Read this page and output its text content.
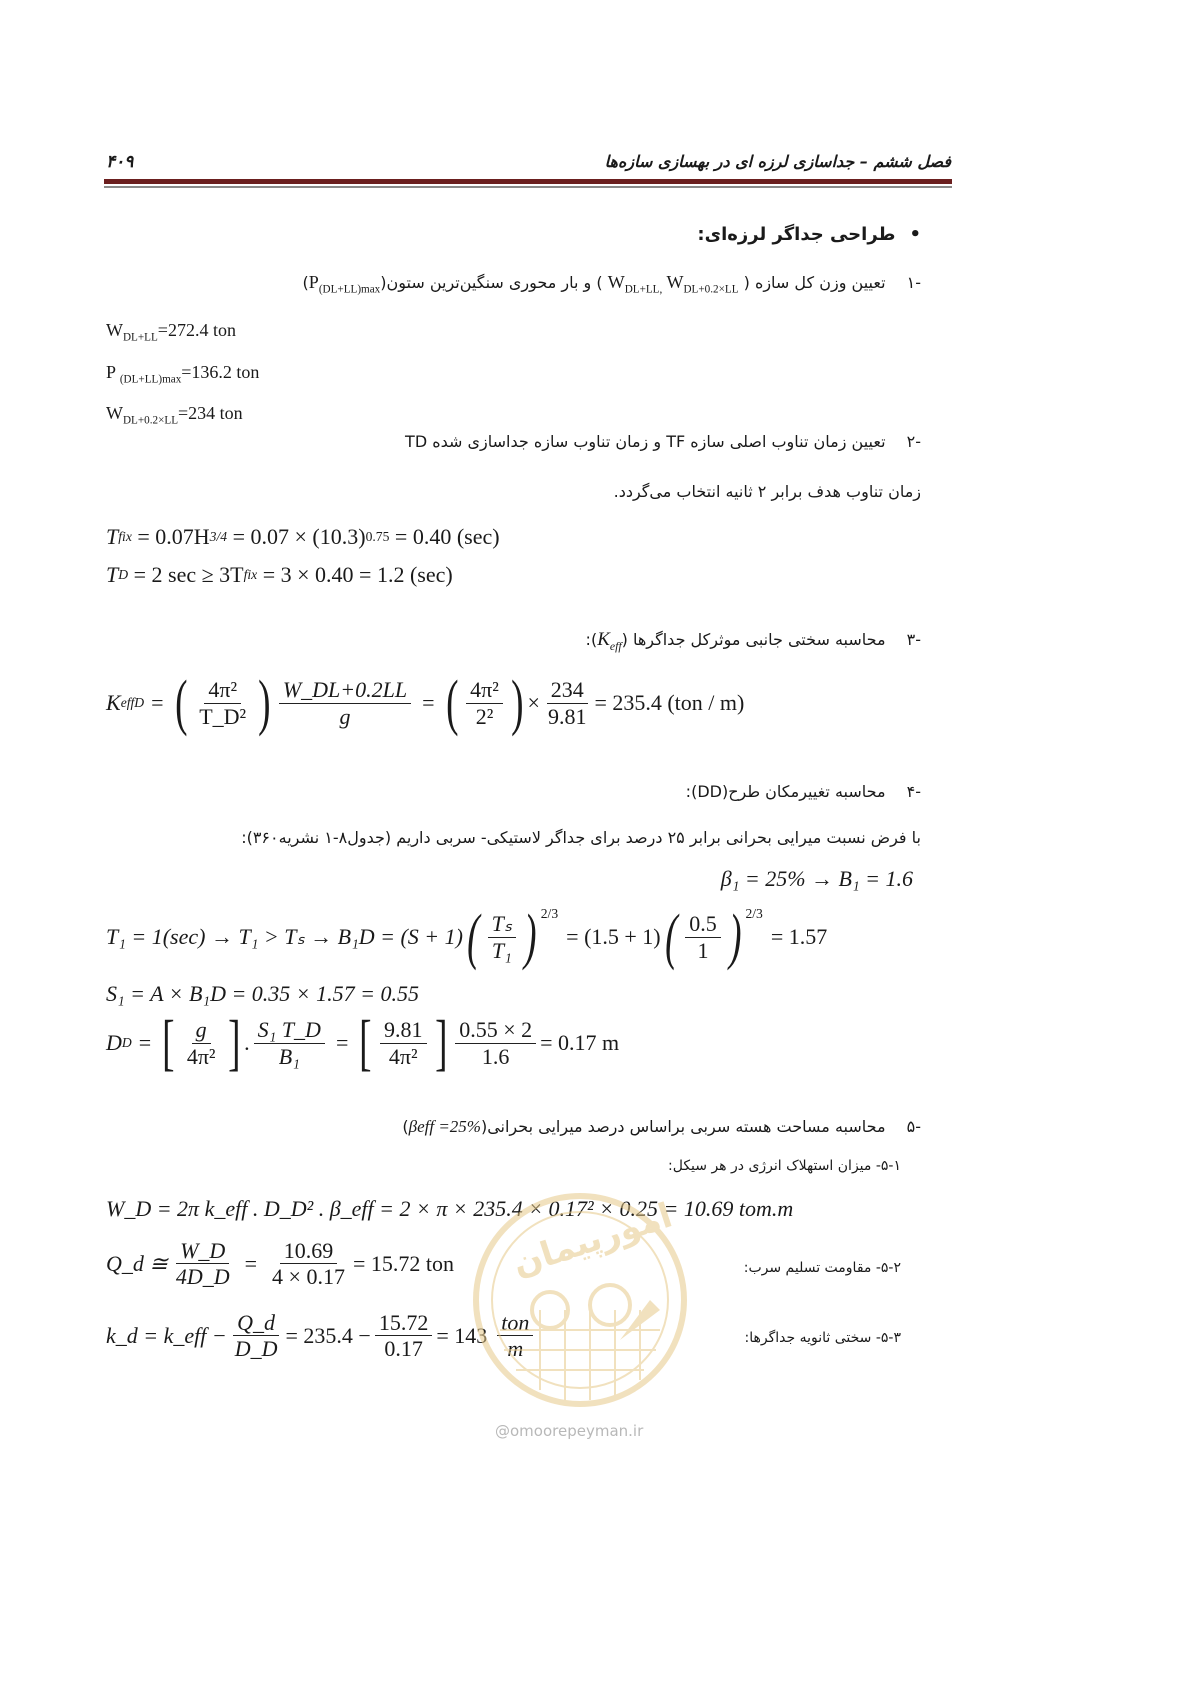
۴۰۹	فصل ششم – جداسازی لرزه ای در بهسازی سازه‌ها
•
طراحی جداگر لرزه‌ای:
-۱ تعیین وزن کل سازه ( $W_{DL+LL,}$ $W_{DL+0.2\times LL}$ ) و بار محوری سنگین‌ترین $ستون(P_{(DL+LL)max})$
$W_{DL+LL}=272.4$ ton
P $_{(DL+LL)max}$=136.2 ton
$W_{DL+0.2\times LL}=234$ ton
-۲ تعیین زمان تناوب اصلی سازه TF و زمان تناوب سازه جداسازی شده TD
زمان تناوب هدف برابر ۲ ثانیه انتخاب می‌گردد.
T fix
= 0.07H 3/4
= 0.07 × (10.3) 0.75
= 0.40 (sec)
T D
= 2 sec ≥ 3T fix
= 3 × 0.40 = 1.2 (sec)
-۳ محاسبه سختی جانبی موثرکل جداگرها $(K_{eff})$:
K effD = ( $\frac{\text{4π²}}{\text{T\_D²}}$ ) $\frac{W\_DL+0.2LL}{g}$ = ( $\frac{\text{4π²}}{\text{2²}}$ ) × $\frac{234}{9.81} = 235.4$ (ton / m)
-۴ محاسبه تغییرمکان طرح(DD):
با فرض نسبت میرایی بحرانی برابر ۲۵ درصد برای جداگر لاستیکی- سربی داریم (جدول۸-۱ نشریه۳۶۰):
β₁ = 25% → B₁ = 1.6
T₁ = 1(sec) → T₁ > Tₛ → B₁D = (S + 1) ( $\frac{\text{Tₛ}}{\text{T₁}}$ ) $^{2/3}$
= (1.5 + 1) ( $\frac{0.5}{1}$ ) $^{2/3}$
= 1.57
S₁ = A × B₁D = 0.35 × 1.57 = 0.55
D D = [ $\frac{g}{\text{4π²}}$ ] . $\frac{\text{S₁ T\_D}}{\text{B₁}}$ = [ $\frac{9.81}{\text{4π²}}$ ] $\frac{0.55 \times 2}{1.6} = 0.17$ m
-۵ محاسبه مساحت هسته سربی براساس درصد میرایی بحرانی(βeff =25%)
۵-۱- میزان استهلاک انرژی در هر سیکل:
W_D = 2π k_eff . D_D² . β_eff = 2 × π × 235.4 × 0.17² × 0.25 = 10.69 tom.m
Q_d ≅ $\frac{W\_D}{4D\_D} = \frac{10.69}{4 \times 0.17} = 15.72$ ton	۵-۲- مقاومت تسلیم سرب:
k_d = k_eff − $\frac{Q\_d}{D\_D} = 235.4 - \frac{15.72}{0.17} = 143 \frac{\text{ton}}{m}$	۵-۳- سختی ثانویه جداگرها:
امورپیمان
@omoorepeyman.ir
